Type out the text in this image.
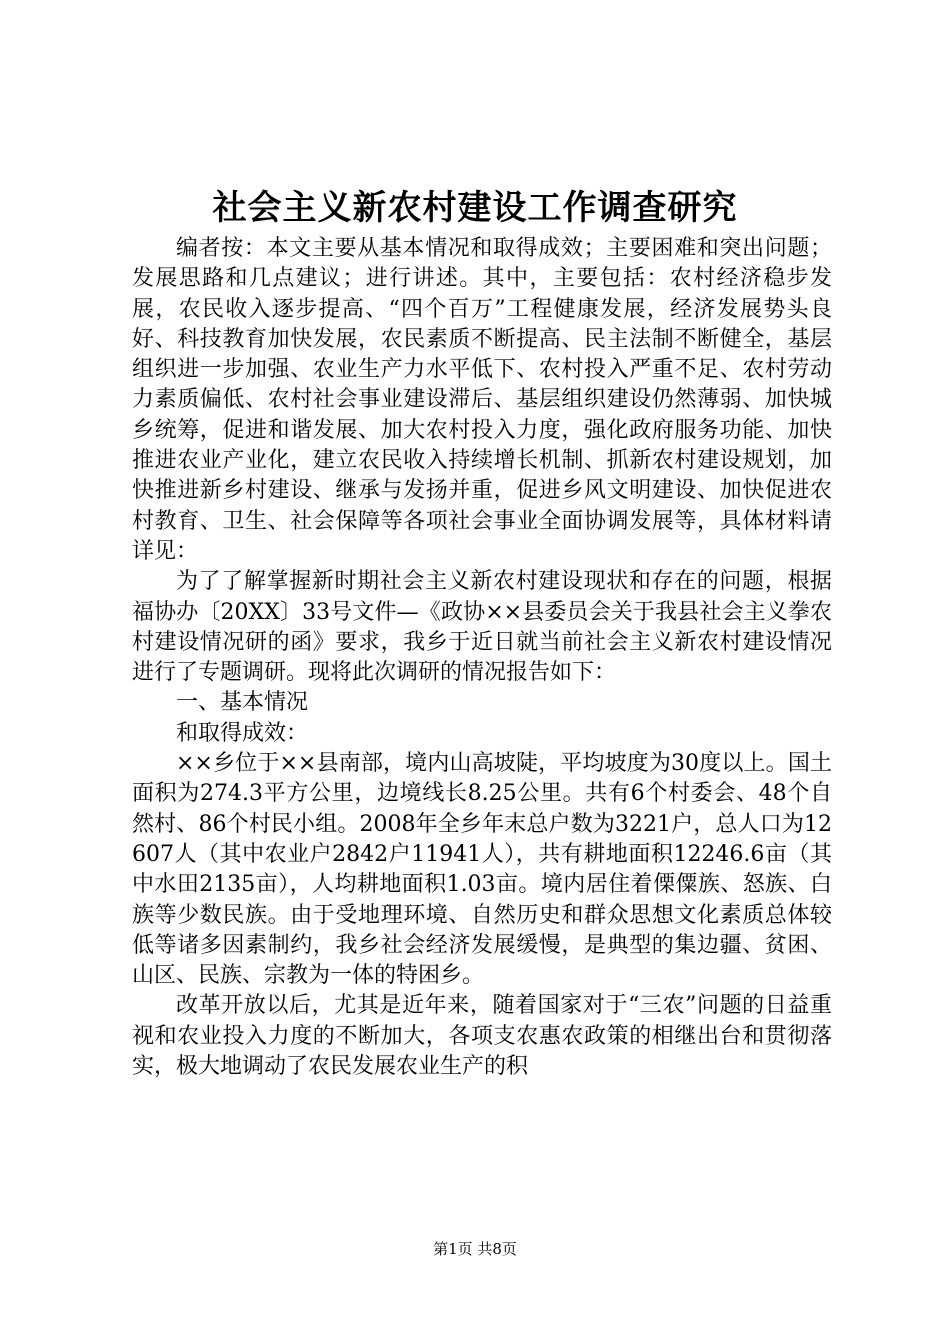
社会主义新农村建设工作调查研究

编者按：本文主要从基本情况和取得成效；主要困难和突出问题；发展思路和几点建议；进行讲述。其中，主要包括：农村经济稳步发展，农民收入逐步提高、“四个百万”工程健康发展，经济发展势头良好、科技教育加快发展，农民素质不断提高、民主法制不断健全，基层组织进一步加强、农业生产力水平低下、农村投入严重不足、农村劳动力素质偏低、农村社会事业建设滞后、基层组织建设仍然薄弱、加快城乡统筹，促进和谐发展、加大农村投入力度，强化政府服务功能、加快推进农业产业化，建立农民收入持续增长机制、抓新农村建设规划，加快推进新乡村建设、继承与发扬并重，促进乡风文明建设、加快促进农村教育、卫生、社会保障等各项社会事业全面协调发展等，具体材料请详见：

为了了解掌握新时期社会主义新农村建设现状和存在的问题，根据福协办〔20XX〕33号文件—《政协××县委员会关于我县社会主义拳农村建设情况研的函》要求，我乡于近日就当前社会主义新农村建设情况进行了专题调研。现将此次调研的情况报告如下：

一、基本情况

和取得成效：

××乡位于××县南部，境内山高坡陡，平均坡度为30度以上。国土面积为274.3平方公里，边境线长8.25公里。共有6个村委会、48个自然村、86个村民小组。2008年全乡年末总户数为3221户，总人口为12607人（其中农业户2842户11941人），共有耕地面积12246.6亩（其中水田2135亩），人均耕地面积1.03亩。境内居住着傈僳族、怒族、白族等少数民族。由于受地理环境、自然历史和群众思想文化素质总体较低等诸多因素制约，我乡社会经济发展缓慢，是典型的集边疆、贫困、山区、民族、宗教为一体的特困乡。

改革开放以后，尤其是近年来，随着国家对于“三农”问题的日益重视和农业投入力度的不断加大，各项支农惠农政策的相继出台和贯彻落实，极大地调动了农民发展农业生产的积

第1页 共8页
